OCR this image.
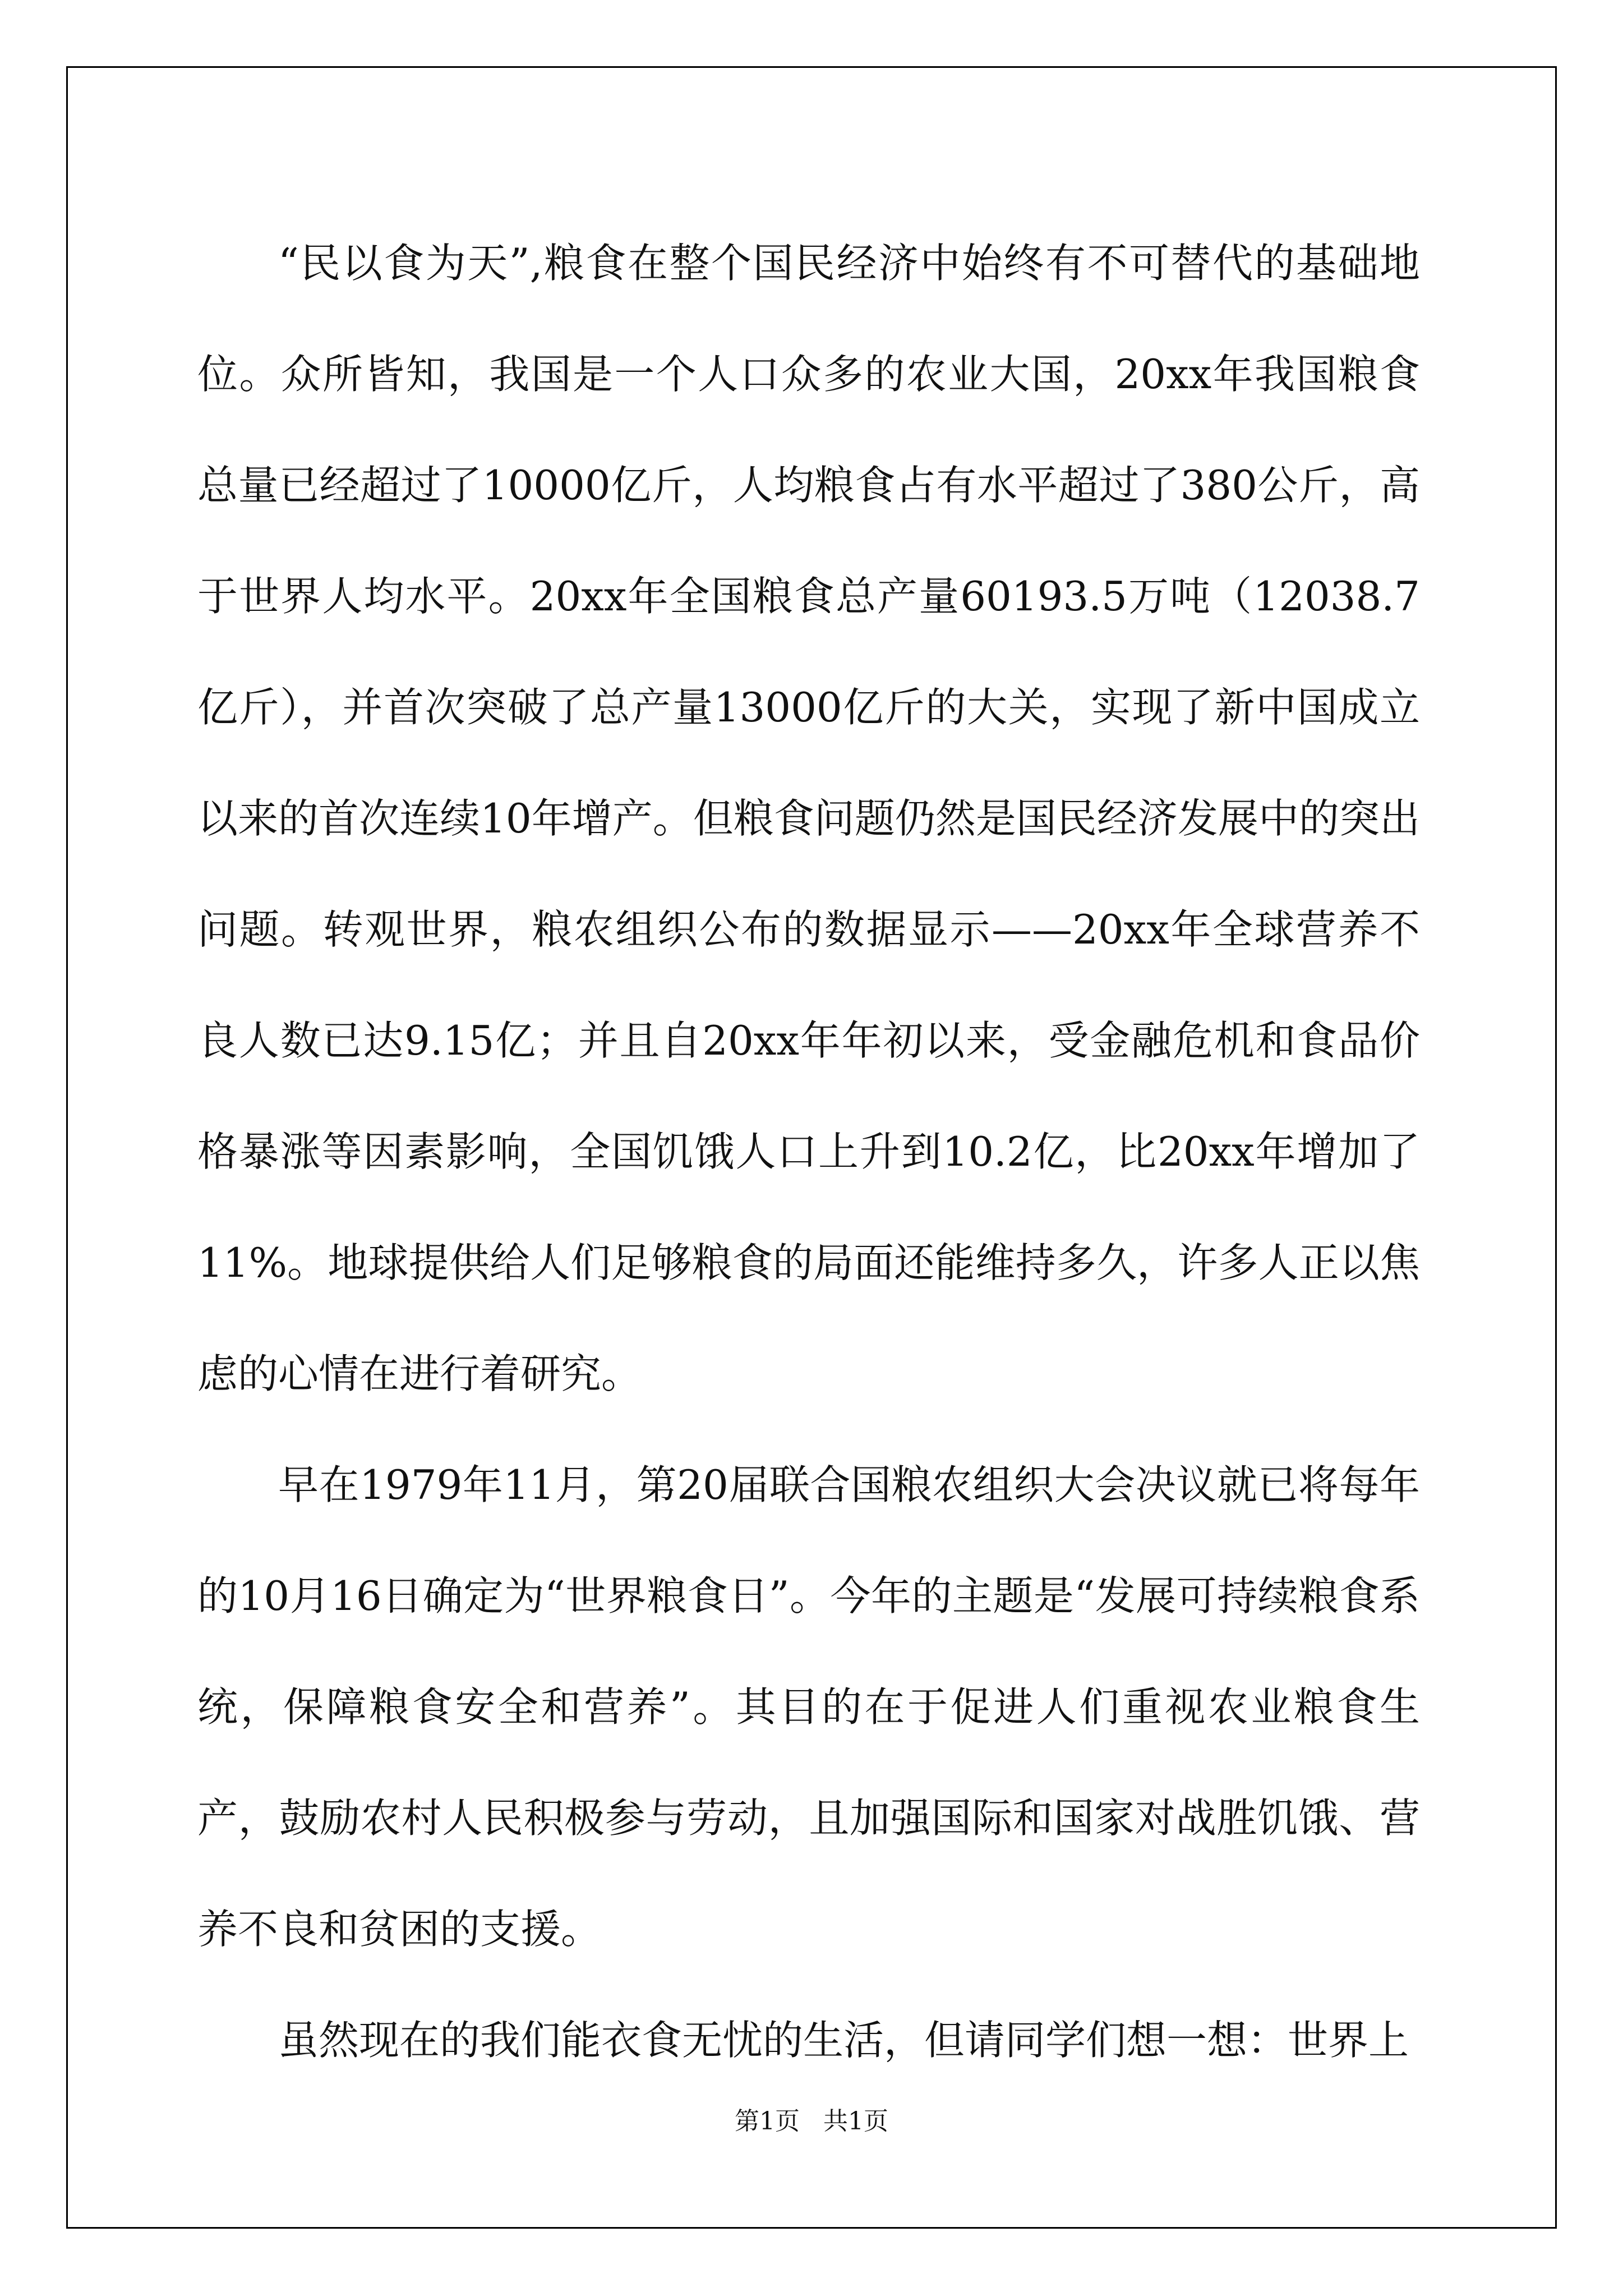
“民以食为天”,粮食在整个国民经济中始终有不可替代的基础地位。众所皆知，我国是一个人口众多的农业大国，20xx年我国粮食总量已经超过了10000亿斤，人均粮食占有水平超过了380公斤，高于世界人均水平。20xx年全国粮食总产量60193.5万吨（12038.7亿斤），并首次突破了总产量13000亿斤的大关，实现了新中国成立以来的首次连续10年增产。但粮食问题仍然是国民经济发展中的突出问题。转观世界，粮农组织公布的数据显示——20xx年全球营养不良人数已达9.15亿；并且自20xx年年初以来，受金融危机和食品价格暴涨等因素影响，全国饥饿人口上升到10.2亿，比20xx年增加了11%。地球提供给人们足够粮食的局面还能维持多久，许多人正以焦虑的心情在进行着研究。

早在1979年11月，第20届联合国粮农组织大会决议就已将每年的10月16日确定为“世界粮食日”。今年的主题是“发展可持续粮食系统，保障粮食安全和营养”。其目的在于促进人们重视农业粮食生产，鼓励农村人民积极参与劳动，且加强国际和国家对战胜饥饿、营养不良和贫困的支援。

虽然现在的我们能衣食无忧的生活，但请同学们想一想：世界上

第1页   共1页
